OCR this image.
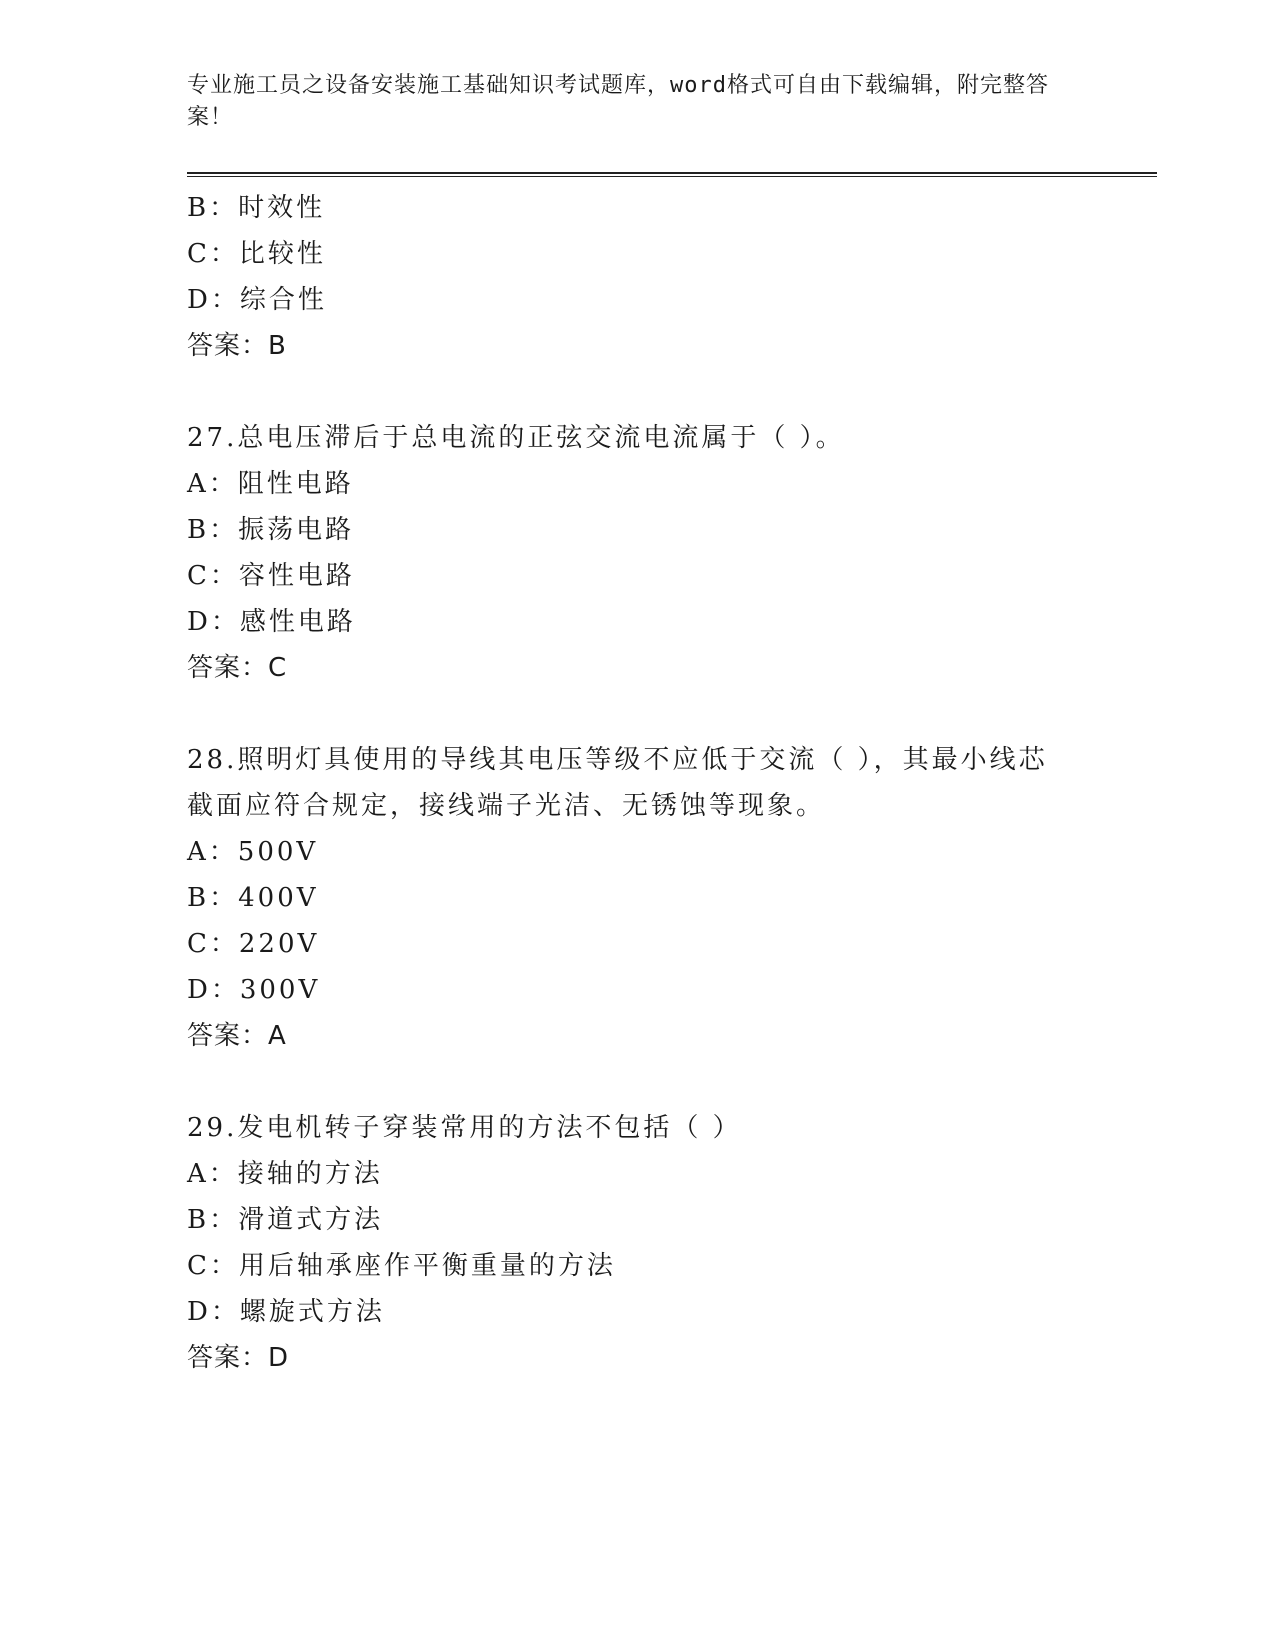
专业施工员之设备安装施工基础知识考试题库，word格式可自由下载编辑，附完整答案！

B：时效性
C：比较性
D：综合性
答案：B
27.总电压滞后于总电流的正弦交流电流属于（ ）。
A：阻性电路
B：振荡电路
C：容性电路
D：感性电路
答案：C
28.照明灯具使用的导线其电压等级不应低于交流（ ），其最小线芯截面应符合规定，接线端子光洁、无锈蚀等现象。
A：500V
B：400V
C：220V
D：300V
答案：A
29.发电机转子穿装常用的方法不包括（ ）
A：接轴的方法
B：滑道式方法
C：用后轴承座作平衡重量的方法
D：螺旋式方法
答案：D
